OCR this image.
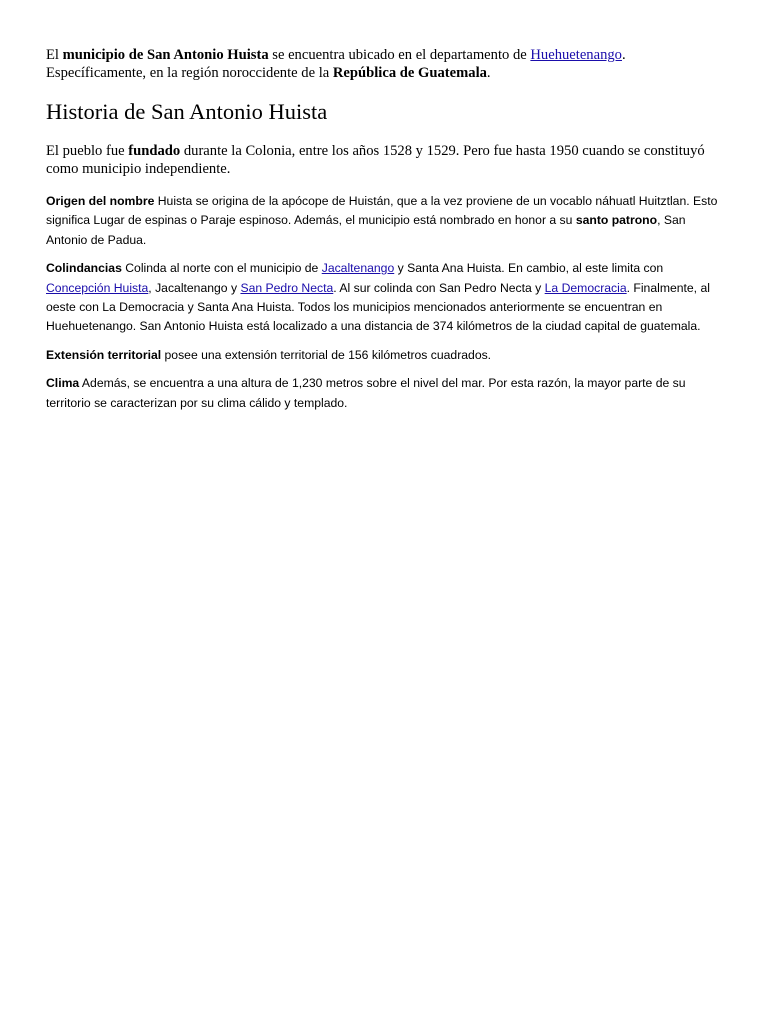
El municipio de San Antonio Huista se encuentra ubicado en el departamento de Huehuetenango. Específicamente, en la región noroccidente de la República de Guatemala.

Historia de San Antonio Huista

El pueblo fue fundado durante la Colonia, entre los años 1528 y 1529. Pero fue hasta 1950 cuando se constituyó como municipio independiente.

Origen del nombre Huista se origina de la apócope de Huistán, que a la vez proviene de un vocablo náhuatl Huitztlan. Esto significa Lugar de espinas o Paraje espinoso. Además, el municipio está nombrado en honor a su santo patrono, San Antonio de Padua.

Colindancias Colinda al norte con el municipio de Jacaltenango y Santa Ana Huista. En cambio, al este limita con Concepción Huista, Jacaltenango y San Pedro Necta. Al sur colinda con San Pedro Necta y La Democracia. Finalmente, al oeste con La Democracia y Santa Ana Huista. Todos los municipios mencionados anteriormente se encuentran en Huehuetenango. San Antonio Huista está localizado a una distancia de 374 kilómetros de la ciudad capital de guatemala.

Extensión territorial posee una extensión territorial de 156 kilómetros cuadrados.

Clima Además, se encuentra a una altura de 1,230 metros sobre el nivel del mar. Por esta razón, la mayor parte de su territorio se caracterizan por su clima cálido y templado.
